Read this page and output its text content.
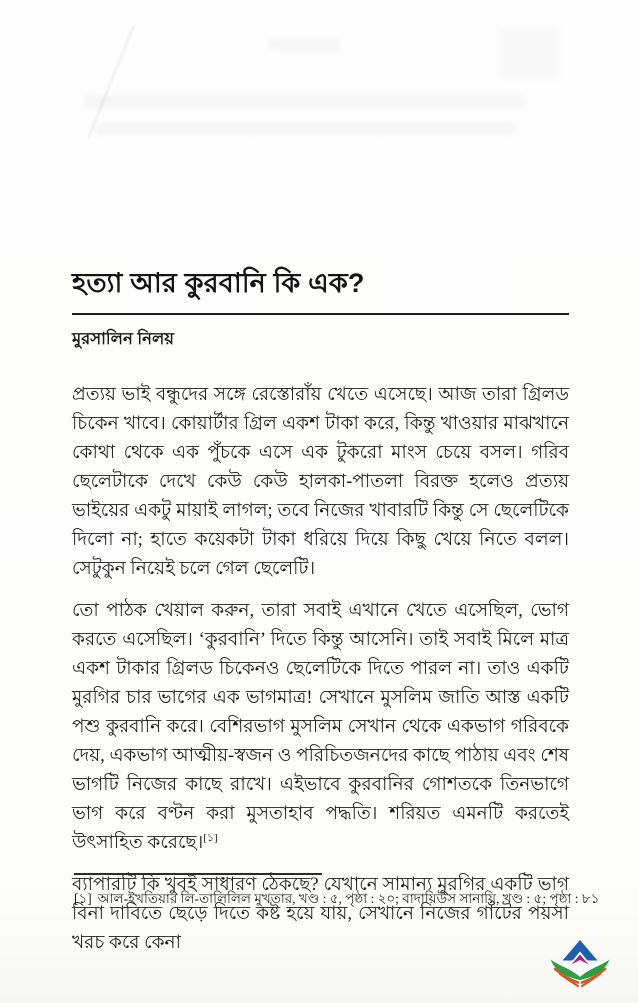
হত্যা আর কুরবানি কি এক?
মুরসালিন নিলয়

প্রত্যয় ভাই বন্ধুদের সঙ্গে রেস্তোরাঁয় খেতে এসেছে। আজ তারা গ্রিলড চিকেন খাবে। কোয়ার্টার গ্রিল একশ টাকা করে, কিন্তু খাওয়ার মাঝখানে কোথা থেকে এক পুঁচকে এসে এক টুকরো মাংস চেয়ে বসল। গরিব ছেলেটাকে দেখে কেউ কেউ হালকা-পাতলা বিরক্ত হলেও প্রত্যয় ভাইয়ের একটু মায়াই লাগল; তবে নিজের খাবারটি কিন্তু সে ছেলেটিকে দিলো না; হাতে কয়েকটা টাকা ধরিয়ে দিয়ে কিছু খেয়ে নিতে বলল। সেটুকুন নিয়েই চলে গেল ছেলেটি।

তো পাঠক খেয়াল করুন, তারা সবাই এখানে খেতে এসেছিল, ভোগ করতে এসেছিল। ‘কুরবানি’ দিতে কিন্তু আসেনি। তাই সবাই মিলে মাত্র একশ টাকার গ্রিলড চিকেনও ছেলেটিকে দিতে পারল না। তাও একটি মুরগির চার ভাগের এক ভাগমাত্র! সেখানে মুসলিম জাতি আস্ত একটি পশু কুরবানি করে। বেশিরভাগ মুসলিম সেখান থেকে একভাগ গরিবকে দেয়, একভাগ আত্মীয়-স্বজন ও পরিচিতজনদের কাছে পাঠায় এবং শেষ ভাগটি নিজের কাছে রাখে। এইভাবে কুরবানির গোশতকে তিনভাগে ভাগ করে বণ্টন করা মুসতাহাব পদ্ধতি। শরিয়ত এমনটি করতেই উৎসাহিত করেছে।[১]

ব্যাপারটি কি খুবই সাধারণ ঠেকছে? যেখানে সামান্য মুরগির একটি ভাগ বিনা দাবিতে ছেড়ে দিতে কষ্ট হয়ে যায়, সেখানে নিজের গাঁটের পয়সা খরচ করে কেনা

[১] আল-ইখতিয়ার লি-তালিলিল মুখতার, খণ্ড : ৫, পৃষ্ঠা : ২০; বাদায়িউস সানায়ি, খণ্ড : ৫; পৃষ্ঠা : ৮১
